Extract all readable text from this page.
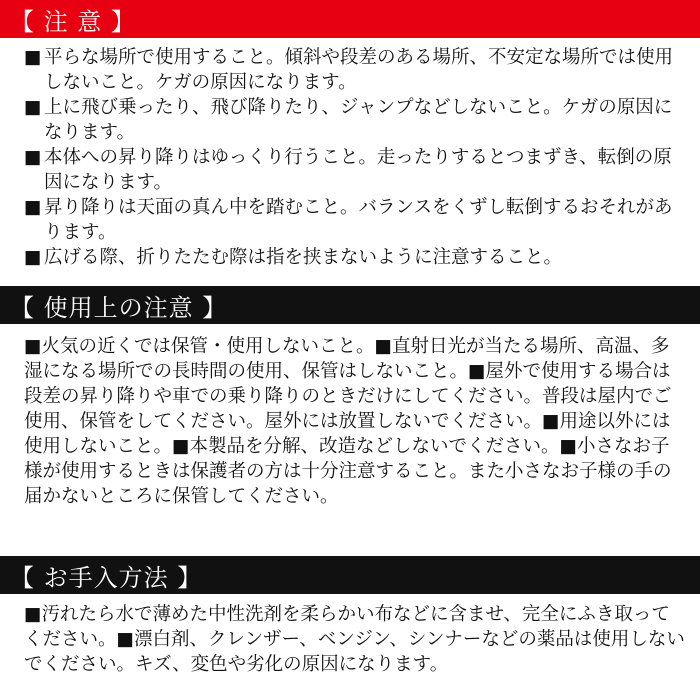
【 注 意 】
■ 平らな場所で使用すること。傾斜や段差のある場所、不安定な場所では使用しないこと。ケガの原因になります。
■ 上に飛び乗ったり、飛び降りたり、ジャンプなどしないこと。ケガの原因になります。
■ 本体への昇り降りはゆっくり行うこと。走ったりするとつまずき、転倒の原因になります。
■ 昇り降りは天面の真ん中を踏むこと。バランスをくずし転倒するおそれがあります。
■ 広げる際、折りたたむ際は指を挟まないように注意すること。
【 使用上の注意 】

■火気の近くでは保管・使用しないこと。■直射日光が当たる場所、高温、多湿になる場所での長時間の使用、保管はしないこと。■屋外で使用する場合は段差の昇り降りや車での乗り降りのときだけにしてください。普段は屋内でご使用、保管をしてください。屋外には放置しないでください。■用途以外には使用しないこと。■本製品を分解、改造などしないでください。■小さなお子様が使用するときは保護者の方は十分注意すること。また小さなお子様の手の届かないところに保管してください。

【 お手入方法 】

■汚れたら水で薄めた中性洗剤を柔らかい布などに含ませ、完全にふき取ってください。■漂白剤、クレンザー、ベンジン、シンナーなどの薬品は使用しないでください。キズ、変色や劣化の原因になります。
